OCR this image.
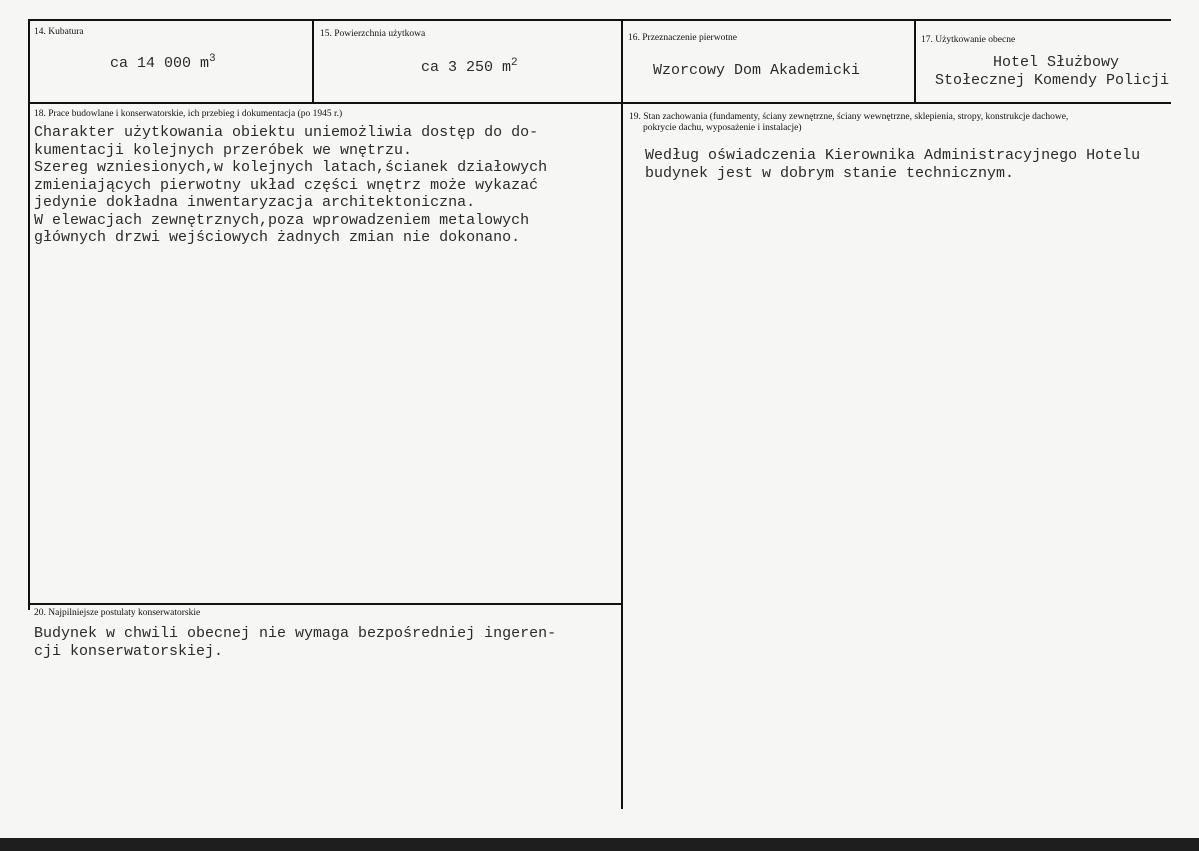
14. Kubatura
ca 14 000 $m^3$
15. Powierzchnia użytkowa
ca 3 250 $m^2$
16. Przeznaczenie pierwotne
Wzorcowy Dom Akademicki
17. Użytkowanie obecne
Hotel Służbowy
Stołecznej Komendy Policji
18. Prace budowlane i konserwatorskie, ich przebieg i dokumentacja (po 1945 r.)
Charakter użytkowania obiektu uniemożliwia dostęp do do-
kumentacji kolejnych przeróbek we wnętrzu.
Szereg wzniesionych,w kolejnych latach,ścianek działowych
zmieniających pierwotny układ części wnętrz może wykazać
jedynie dokładna inwentaryzacja architektoniczna.
W elewacjach zewnętrznych,poza wprowadzeniem metalowych
głównych drzwi wejściowych żadnych zmian nie dokonano.
19. Stan zachowania (fundamenty, ściany zewnętrzne, ściany wewnętrzne, sklepienia, stropy, konstrukcje dachowe,
pokrycie dachu, wyposażenie i instalacje)
Według oświadczenia Kierownika Administracyjnego Hotelu
budynek jest w dobrym stanie technicznym.
20. Najpilniejsze postulaty konserwatorskie
Budynek w chwili obecnej nie wymaga bezpośredniej ingeren-
cji konserwatorskiej.
